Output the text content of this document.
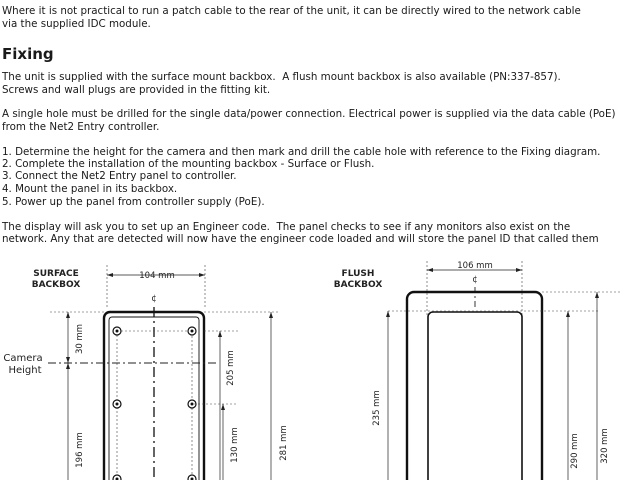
Where it is not practical to run a patch cable to the rear of the unit, it can be directly wired to the network cable

via the supplied IDC module.

Fixing

The unit is supplied with the surface mount backbox.  A flush mount backbox is also available (PN:337-857).

Screws and wall plugs are provided in the fitting kit.

A single hole must be drilled for the single data/power connection. Electrical power is supplied via the data cable (PoE)

from the Net2 Entry controller.

1. Determine the height for the camera and then mark and drill the cable hole with reference to the Fixing diagram.

2. Complete the installation of the mounting backbox - Surface or Flush.

3. Connect the Net2 Entry panel to controller.

4. Mount the panel in its backbox.

5. Power up the panel from controller supply (PoE).

The display will ask you to set up an Engineer code.  The panel checks to see if any monitors also exist on the

network. Any that are detected will now have the engineer code loaded and will store the panel ID that called them

SURFACE
BACKBOX
104 mm
¢
Camera
Height
30 mm
196 mm
205 mm
130 mm	281 mm
FLUSH
BACKBOX
106 mm
¢
235 mm
290 mm 320 mm
